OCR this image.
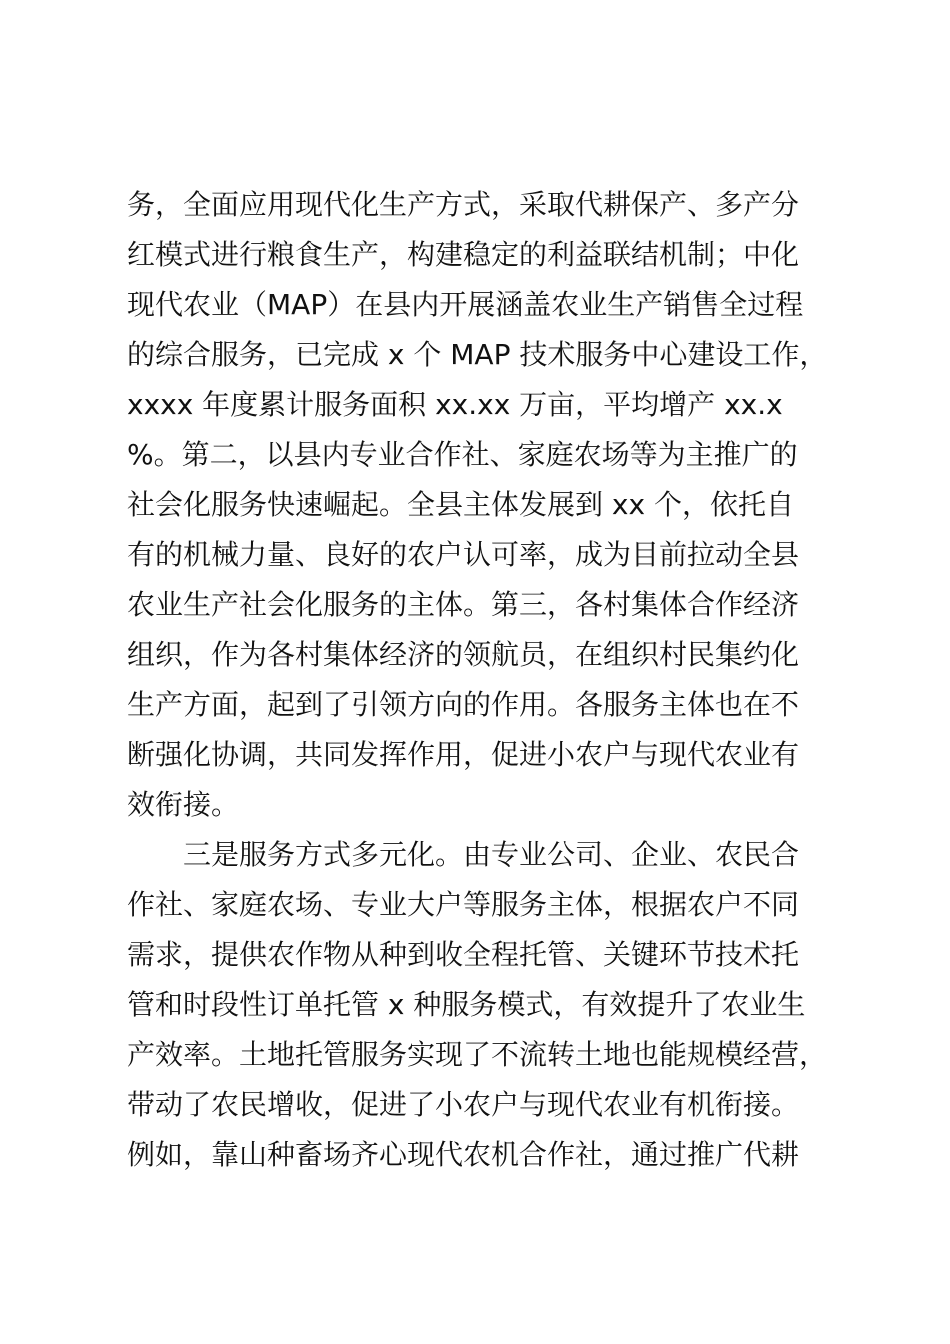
务，全面应用现代化生产方式，采取代耕保产、多产分
红模式进行粮食生产，构建稳定的利益联结机制；中化
现代农业（MAP）在县内开展涵盖农业生产销售全过程
的综合服务，已完成 x 个 MAP 技术服务中心建设工作，
xxxx 年度累计服务面积 xx.xx 万亩，平均增产 xx.x
%。第二，以县内专业合作社、家庭农场等为主推广的
社会化服务快速崛起。全县主体发展到 xx 个，依托自
有的机械力量、良好的农户认可率，成为目前拉动全县
农业生产社会化服务的主体。第三，各村集体合作经济
组织，作为各村集体经济的领航员，在组织村民集约化
生产方面，起到了引领方向的作用。各服务主体也在不
断强化协调，共同发挥作用，促进小农户与现代农业有
效衔接。
三是服务方式多元化。由专业公司、企业、农民合
作社、家庭农场、专业大户等服务主体，根据农户不同
需求，提供农作物从种到收全程托管、关键环节技术托
管和时段性订单托管 x 种服务模式，有效提升了农业生
产效率。土地托管服务实现了不流转土地也能规模经营，
带动了农民增收，促进了小农户与现代农业有机衔接。
例如，靠山种畜场齐心现代农机合作社，通过推广代耕
